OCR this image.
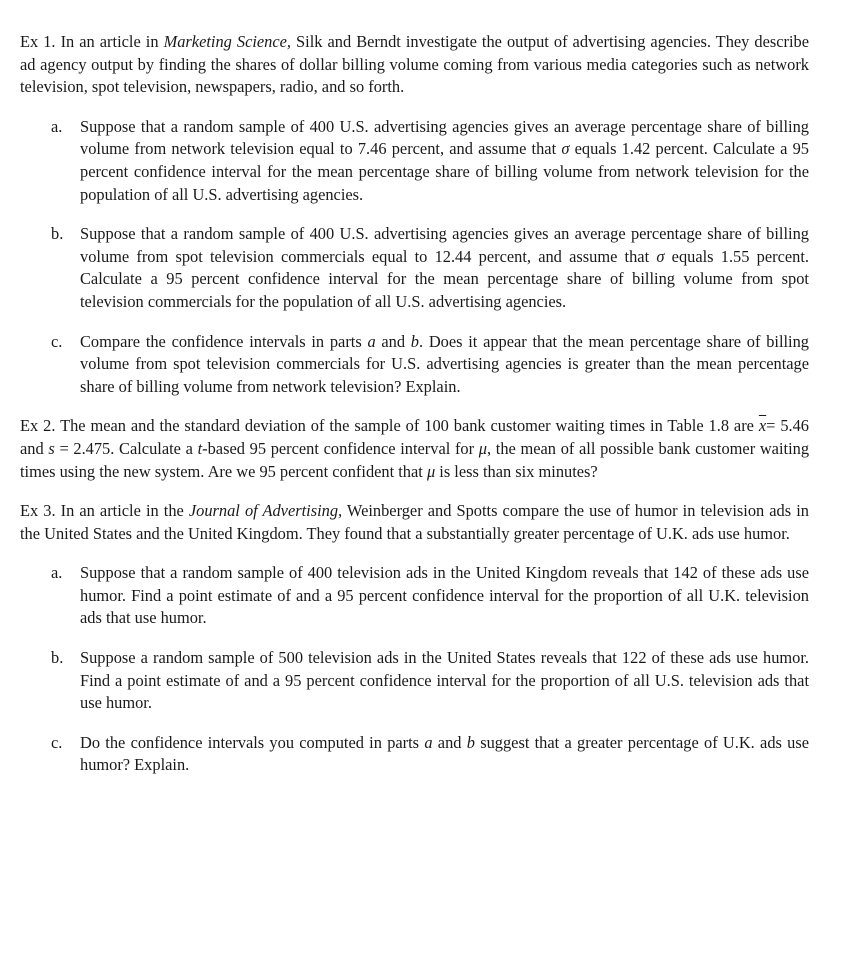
Ex 1. In an article in Marketing Science, Silk and Berndt investigate the output of advertising agencies. They describe ad agency output by finding the shares of dollar billing volume coming from various media categories such as network television, spot television, newspapers, radio, and so forth.

a. Suppose that a random sample of 400 U.S. advertising agencies gives an average percentage share of billing volume from network television equal to 7.46 percent, and assume that σ equals 1.42 percent. Calculate a 95 percent confidence interval for the mean percentage share of billing volume from network television for the population of all U.S. advertising agencies.
b. Suppose that a random sample of 400 U.S. advertising agencies gives an average percentage share of billing volume from spot television commercials equal to 12.44 percent, and assume that σ equals 1.55 percent. Calculate a 95 percent confidence interval for the mean percentage share of billing volume from spot television commercials for the population of all U.S. advertising agencies.
c. Compare the confidence intervals in parts a and b. Does it appear that the mean percentage share of billing volume from spot television commercials for U.S. advertising agencies is greater than the mean percentage share of billing volume from network television? Explain.

Ex 2. The mean and the standard deviation of the sample of 100 bank customer waiting times in Table 1.8 are $\overline{x}= 5.46$ and s = 2.475. Calculate a t-based 95 percent confidence interval for μ, the mean of all possible bank customer waiting times using the new system. Are we 95 percent confident that μ is less than six minutes?

Ex 3. In an article in the Journal of Advertising, Weinberger and Spotts compare the use of humor in television ads in the United States and the United Kingdom. They found that a substantially greater percentage of U.K. ads use humor.

a. Suppose that a random sample of 400 television ads in the United Kingdom reveals that 142 of these ads use humor. Find a point estimate of and a 95 percent confidence interval for the proportion of all U.K. television ads that use humor.
b. Suppose a random sample of 500 television ads in the United States reveals that 122 of these ads use humor. Find a point estimate of and a 95 percent confidence interval for the proportion of all U.S. television ads that use humor.
c. Do the confidence intervals you computed in parts a and b suggest that a greater percentage of U.K. ads use humor? Explain.
